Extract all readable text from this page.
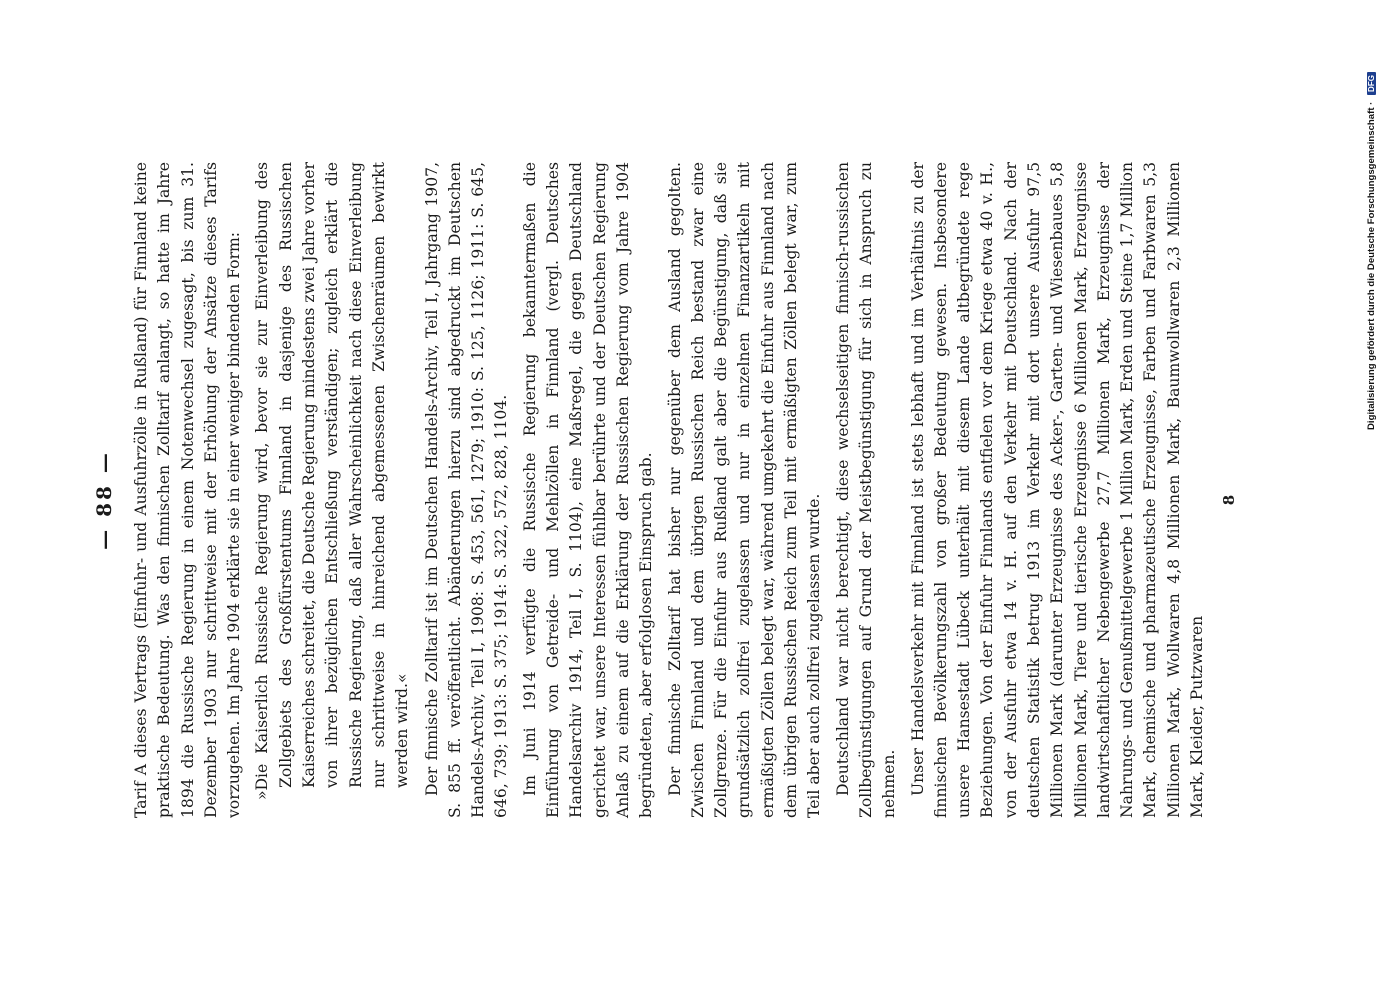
— 88 — Tarif A dieses Vertrags (Einfuhr- und Ausfuhrzölle in Rußland) für Finnland keine praktische Bedeutung. Was den finnischen Zolltarif anlangt, so hatte im Jahre 1894 die Russische Regierung in einem Notenwechsel zugesagt, bis zum 31. Dezember 1903 nur schrittweise mit der Erhöhung der Ansätze dieses Tarifs vorzugehen. Im Jahre 1904 erklärte sie in einer weniger bindenden Form: »Die Kaiserlich Russische Regierung wird, bevor sie zur Einverleibung des Zollgebiets des Großfürstentums Finnland in dasjenige des Russischen Kaiserreiches schreitet, die Deutsche Regierung mindestens zwei Jahre vorher von ihrer bezüglichen Entschließung verständigen; zugleich erklärt die Russische Regierung, daß aller Wahrscheinlichkeit nach diese Einverleibung nur schrittweise in hinreichend abgemessenen Zwischenräumen bewirkt werden wird.« Der finnische Zolltarif ist im Deutschen Handels-Archiv, Teil I, Jahrgang 1907, S. 855 ff. veröffentlicht. Abänderungen hierzu sind abgedruckt im Deutschen Handels-Archiv, Teil I, 1908: S. 453, 561, 1279; 1910: S. 125, 1126; 1911: S. 645, 646, 739; 1913: S. 375; 1914: S. 322, 572, 828, 1104. Im Juni 1914 verfügte die Russische Regierung bekanntermaßen die Einführung von Getreide- und Mehlzöllen in Finnland (vergl. Deutsches Handelsarchiv 1914, Teil I, S. 1104), eine Maßregel, die gegen Deutschland gerichtet war, unsere Interessen fühlbar berührte und der Deutschen Regierung Anlaß zu einem auf die Erklärung der Russischen Regierung vom Jahre 1904 begründeten, aber erfolglosen Einspruch gab. Der finnische Zolltarif hat bisher nur gegenüber dem Ausland gegolten. Zwischen Finnland und dem übrigen Russischen Reich bestand zwar eine Zollgrenze. Für die Einfuhr aus Rußland galt aber die Begünstigung, daß sie grundsätzlich zollfrei zugelassen und nur in einzelnen Finanzartikeln mit ermäßigten Zöllen belegt war, während umgekehrt die Einfuhr aus Finnland nach dem übrigen Russischen Reich zum Teil mit ermäßigten Zöllen belegt war, zum Teil aber auch zollfrei zugelassen wurde. Deutschland war nicht berechtigt, diese wechselseitigen finnisch-russischen Zollbegünstigungen auf Grund der Meistbegünstigung für sich in Anspruch zu nehmen. Unser Handelsverkehr mit Finnland ist stets lebhaft und im Verhältnis zu der finnischen Bevölkerungszahl von großer Bedeutung gewesen. Insbesondere unsere Hansestadt Lübeck unterhält mit diesem Lande altbegründete rege Beziehungen. Von der Einfuhr Finnlands entfielen vor dem Kriege etwa 40 v. H., von der Ausfuhr etwa 14 v. H. auf den Verkehr mit Deutschland. Nach der deutschen Statistik betrug 1913 im Verkehr mit dort unsere Ausfuhr 97,5 Millionen Mark (darunter Erzeugnisse des Acker-, Garten- und Wiesenbaues 5,8 Millionen Mark, Tiere und tierische Erzeugnisse 6 Millionen Mark, Erzeugnisse landwirtschaftlicher Nebengewerbe 27,7 Millionen Mark, Erzeugnisse der Nahrungs- und Genußmittelgewerbe 1 Million Mark, Erden und Steine 1,7 Million Mark, chemische und pharmazeutische Erzeugnisse, Farben und Farbwaren 5,3 Millionen Mark, Wollwaren 4,8 Millionen Mark, Baumwollwaren 2,3 Millionen Mark, Kleider, Putzwaren

8
Digitalisierung gefördert durch die Deutsche Forschungsgemeinschaft · DFG
